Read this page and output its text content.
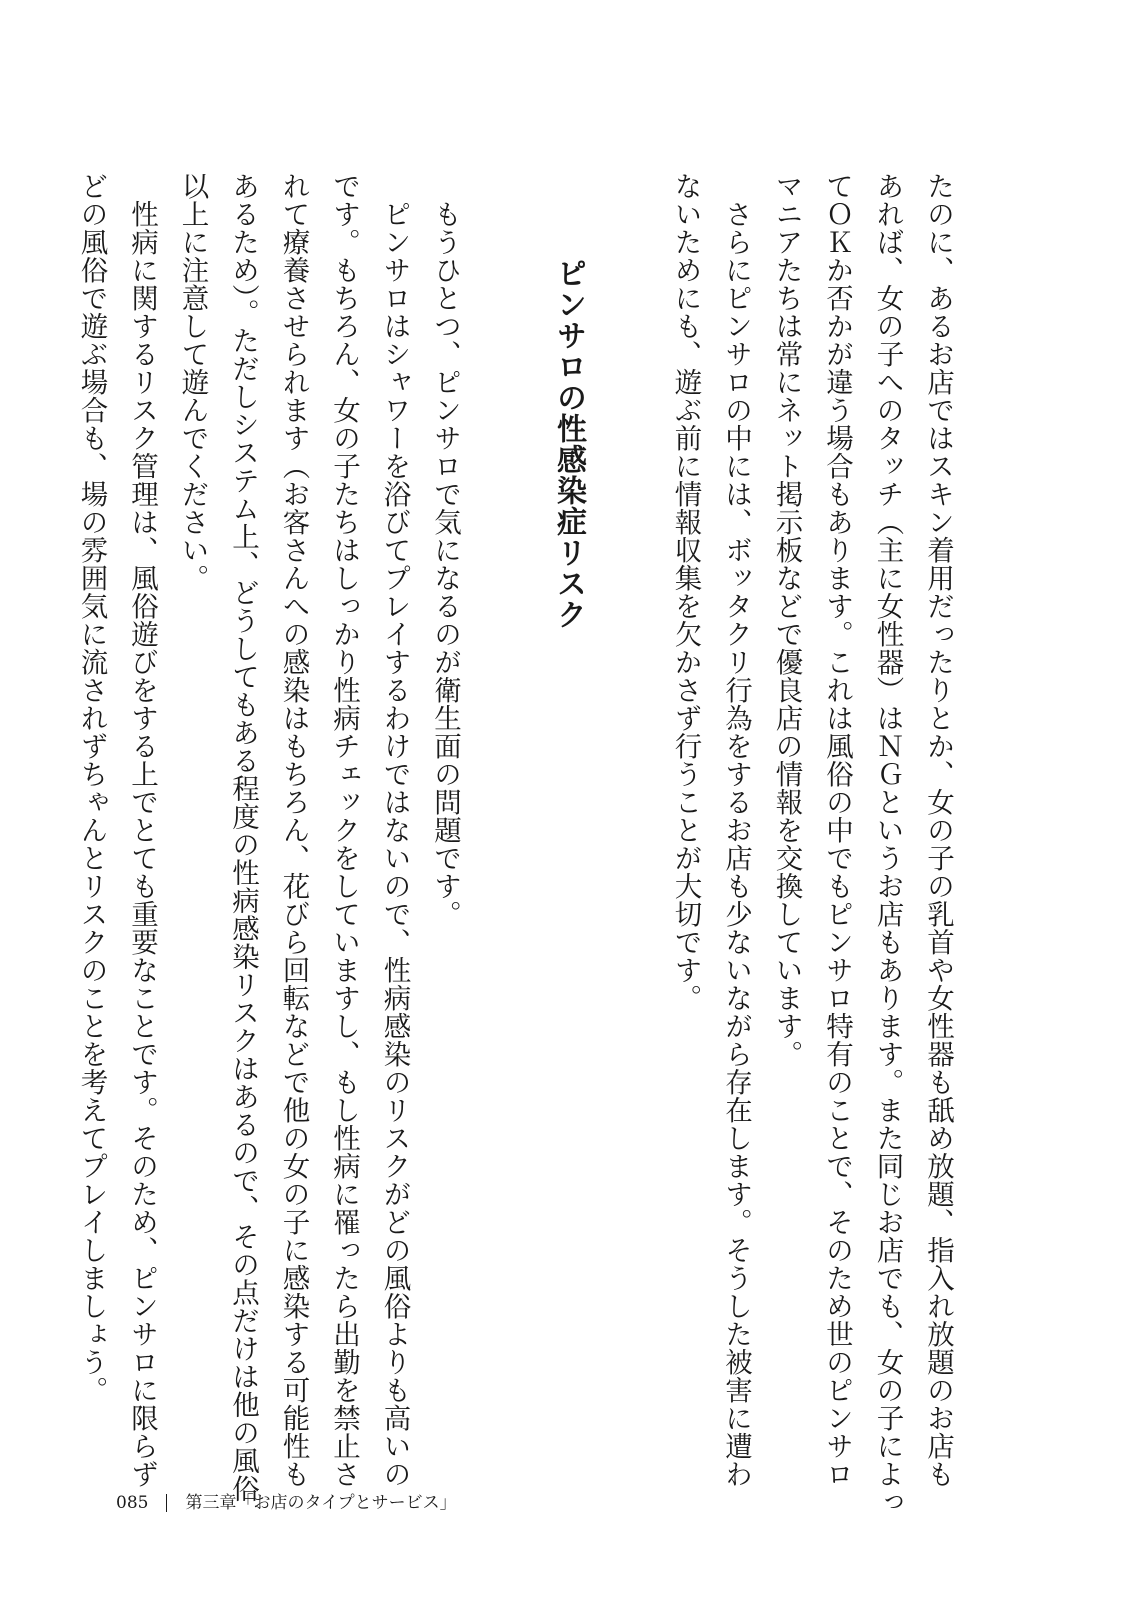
たのに、あるお店ではスキン着用だったりとか、女の子の乳首や女性器も舐め放題、指入れ放題のお店も
あれば、女の子へのタッチ（主に女性器）はＮＧというお店もあります。また同じお店でも、女の子によっ
てＯＫか否かが違う場合もあります。これは風俗の中でもピンサロ特有のことで、そのため世のピンサロ
マニアたちは常にネット掲示板などで優良店の情報を交換しています。
　さらにピンサロの中には、ボッタクリ行為をするお店も少ないながら存在します。そうした被害に遭わ
ないためにも、遊ぶ前に情報収集を欠かさず行うことが大切です。
ピンサロの性感染症リスク
　もうひとつ、ピンサロで気になるのが衛生面の問題です。
　ピンサロはシャワーを浴びてプレイするわけではないので、性病感染のリスクがどの風俗よりも高いの
です。もちろん、女の子たちはしっかり性病チェックをしていますし、もし性病に罹ったら出勤を禁止さ
れて療養させられます（お客さんへの感染はもちろん、花びら回転などで他の女の子に感染する可能性も
あるため）。ただしシステム上、どうしてもある程度の性病感染リスクはあるので、その点だけは他の風俗
以上に注意して遊んでください。
　性病に関するリスク管理は、風俗遊びをする上でとても重要なことです。そのため、ピンサロに限らず
どの風俗で遊ぶ場合も、場の雰囲気に流されずちゃんとリスクのことを考えてプレイしましょう。
085 第三章「お店のタイプとサービス」
